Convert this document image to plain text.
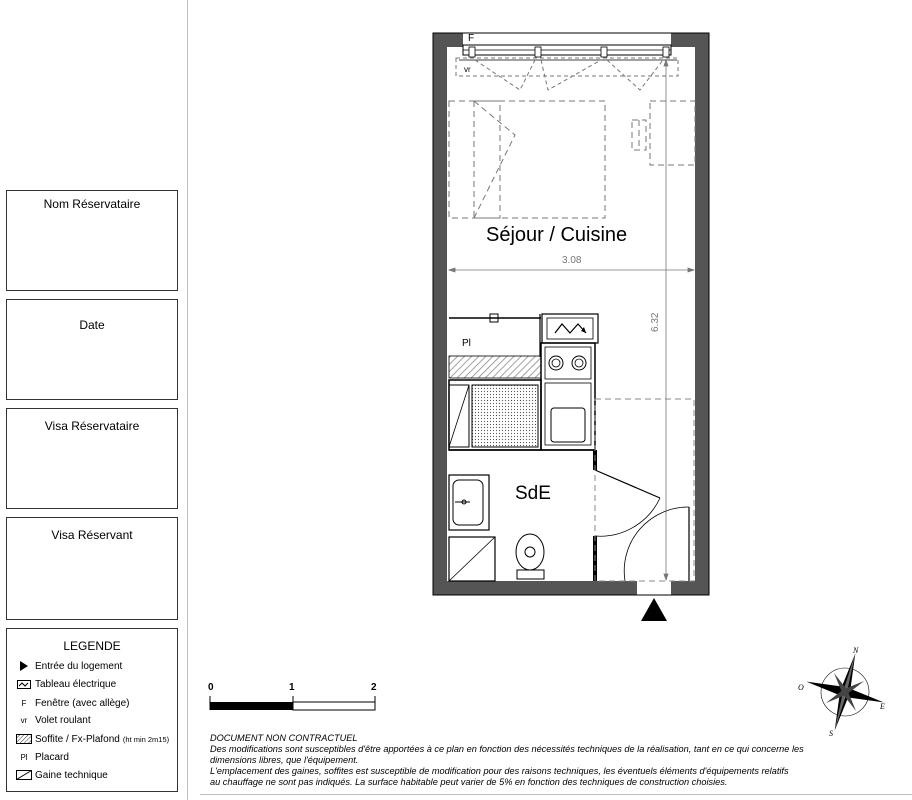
Nom Réservataire
Date
Visa Réservataire
Visa Réservant
LEGENDE
Entrée du logement
Tableau électrique
F Fenêtre (avec allège)
vr Volet roulant
Soffite / Fx-Plafond (ht min 2m15)
Pl Placard
Gaine technique
F
vr
Séjour / Cuisine
3.08
6.32
Pl
SdE
N
E
S
O
0	1	2
DOCUMENT NON CONTRACTUEL
Des modifications sont susceptibles d'être apportées à ce plan en fonction des nécessités techniques de la réalisation, tant en ce qui concerne les
dimensions libres, que l'équipement.
L'emplacement des gaines, soffites est susceptible de modification pour des raisons techniques, les éventuels éléments d'équipements relatifs
au chauffage ne sont pas indiqués. La surface habitable peut varier de 5% en fonction des techniques de construction choisies.
